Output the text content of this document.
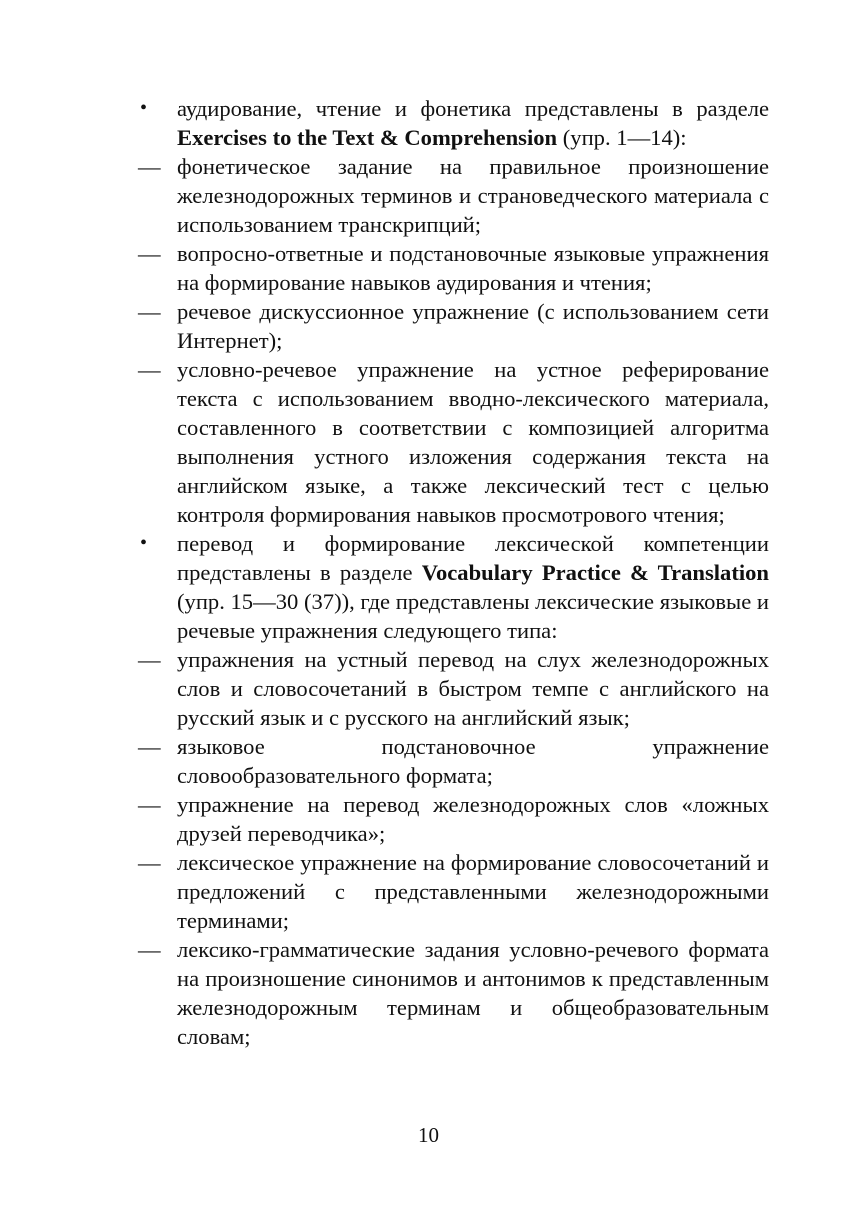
•	аудирование, чтение и фонетика представлены в разделе Exercises to the Text & Comprehension (упр. 1—14):
— фонетическое задание на правильное произношение железнодорожных терминов и страноведческого материала с использованием транскрипций;
— вопросно-ответные и подстановочные языковые упражнения на формирование навыков аудирования и чтения;
— речевое дискуссионное упражнение (с использованием сети Интернет);
— условно-речевое упражнение на устное реферирование текста с использованием вводно-лексического материала, составленного в соответствии с композицией алгоритма выполнения устного изложения содержания текста на английском языке, а также лексический тест с целью контроля формирования навыков просмотрового чтения;
•	перевод и формирование лексической компетенции представлены в разделе Vocabulary Practice & Translation (упр. 15—30 (37)), где представлены лексические языковые и речевые упражнения следующего типа:
— упражнения на устный перевод на слух железнодорожных слов и словосочетаний в быстром темпе с английского на русский язык и с русского на английский язык;
— языковое подстановочное упражнение словообразовательного формата;
— упражнение на перевод железнодорожных слов «ложных друзей переводчика»;
— лексическое упражнение на формирование словосочетаний и предложений с представленными железнодорожными терминами;
— лексико-грамматические задания условно-речевого формата на произношение синонимов и антонимов к представленным железнодорожным терминам и общеобразовательным словам;
10
